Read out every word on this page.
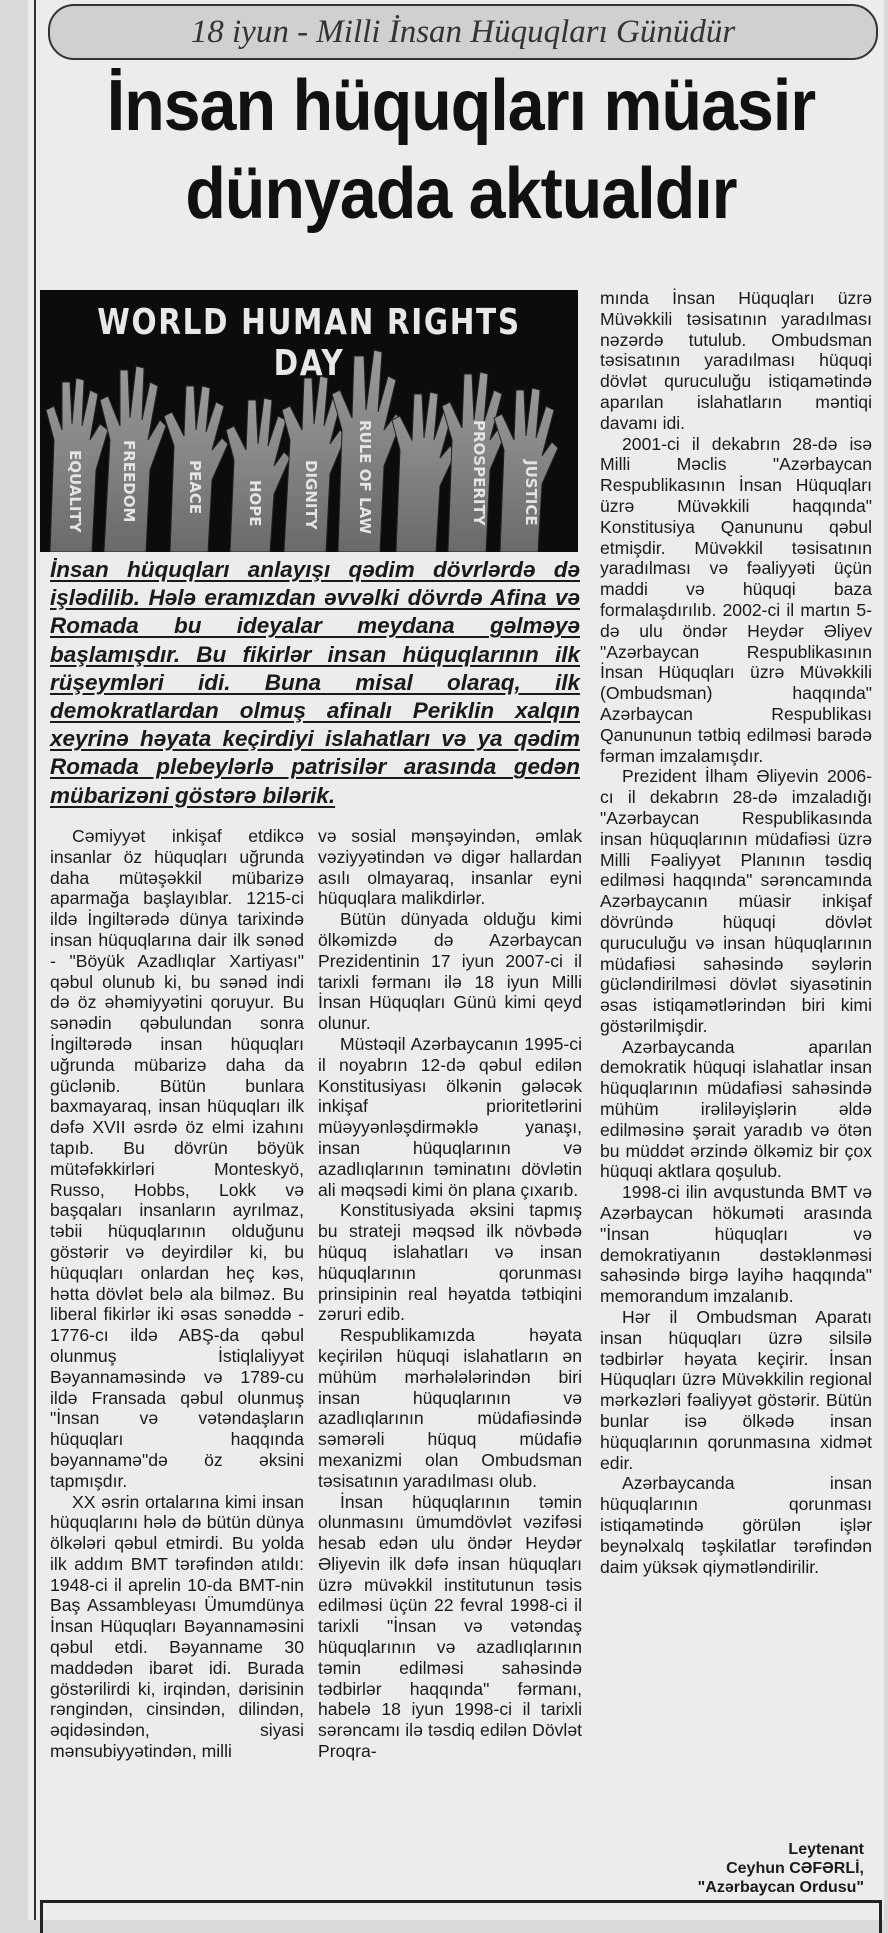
18 iyun - Milli İnsan Hüquqları Günüdür
İnsan hüquqları müasir
dünyada aktualdır
EQUALITY FREEDOM	PEACE	HOPE	DIGNITY RULE OF LAW	PROSPERITY JUSTICE
WORLD HUMAN RIGHTS DAY
İnsan hüquqları anlayışı qədim dövrlərdə də işlədilib. Hələ eramızdan əvvəlki dövrdə Afina və Romada bu ideyalar meydana gəlməyə başlamışdır. Bu fikirlər insan hüquqlarının ilk rüşeymləri idi. Buna misal olaraq, ilk demokratlardan olmuş afinalı Periklin xalqın xeyrinə həyata keçirdiyi islahatları və ya qədim Romada plebeylərlə patrisilər arasında gedən mübarizəni göstərə bilərik.

Cəmiyyət inkişaf etdikcə insanlar öz hüquqları uğrunda daha mütəşəkkil mübarizə aparmağa başlayıblar. 1215-ci ildə İngiltərədə dünya tarixində insan hüquqlarına dair ilk sənəd - "Böyük Azadlıqlar Xartiyası" qəbul olunub ki, bu sənəd indi də öz əhəmiyyətini qoruyur. Bu sənədin qəbulundan sonra İngiltərədə insan hüquqları uğrunda mübarizə daha da güclənib. Bütün bunlara baxmayaraq, insan hüquqları ilk dəfə XVII əsrdə öz elmi izahını tapıb. Bu dövrün böyük mütəfəkkirləri Monteskyö, Russo, Hobbs, Lokk və başqaları insanların ayrılmaz, təbii hüquqlarının olduğunu göstərir və deyirdilər ki, bu hüquqları onlardan heç kəs, hətta dövlət belə ala bilməz. Bu liberal fikirlər iki əsas sənəddə - 1776-cı ildə ABŞ-da qəbul olunmuş İstiqlaliyyət Bəyannaməsində və 1789-cu ildə Fransada qəbul olunmuş "İnsan və vətəndaşların hüquqları haqqında bəyannamə"də öz əksini tapmışdır.

XX əsrin ortalarına kimi insan hüquqlarını hələ də bütün dünya ölkələri qəbul etmirdi. Bu yolda ilk addım BMT tərəfindən atıldı: 1948-ci il aprelin 10-da BMT-nin Baş Assambleyası Ümumdünya İnsan Hüquqları Bəyannaməsini qəbul etdi. Bəyanname 30 maddədən ibarət idi. Burada göstərilirdi ki, irqindən, dərisinin rəngindən, cinsindən, dilindən, əqidəsindən, siyasi mənsubiyyətindən, milli

və sosial mənşəyindən, əmlak vəziyyətindən və digər hallardan asılı olmayaraq, insanlar eyni hüquqlara malikdirlər.

Bütün dünyada olduğu kimi ölkəmizdə də Azərbaycan Prezidentinin 17 iyun 2007-ci il tarixli fərmanı ilə 18 iyun Milli İnsan Hüquqları Günü kimi qeyd olunur.

Müstəqil Azərbaycanın 1995-ci il noyabrın 12-də qəbul edilən Konstitusiyası ölkənin gələcək inkişaf prioritetlərini müəyyənləşdirməklə yanaşı, insan hüquqlarının və azadlıqlarının təminatını dövlətin ali məqsədi kimi ön plana çıxarıb.

Konstitusiyada əksini tapmış bu strateji məqsəd ilk növbədə hüquq islahatları və insan hüquqlarının qorunması prinsipinin real həyatda tətbiqini zəruri edib.

Respublikamızda həyata keçirilən hüquqi islahatların ən mühüm mərhələlərindən biri insan hüquqlarının və azadlıqlarının müdafiəsində səmərəli hüquq müdafiə mexanizmi olan Ombudsman təsisatının yaradılması olub.

İnsan hüquqlarının təmin olunmasını ümumdövlət vəzifəsi hesab edən ulu öndər Heydər Əliyevin ilk dəfə insan hüquqları üzrə müvəkkil institutunun təsis edilməsi üçün 22 fevral 1998-ci il tarixli "İnsan və vətəndaş hüquqlarının və azadlıqlarının təmin edilməsi sahəsində tədbirlər haqqında" fərmanı, habelə 18 iyun 1998-ci il tarixli sərəncamı ilə təsdiq edilən Dövlət Proqra-

mında İnsan Hüquqları üzrə Müvəkkili təsisatının yaradılması nəzərdə tutulub. Ombudsman təsisatının yaradılması hüquqi dövlət quruculuğu istiqamətində aparılan islahatların məntiqi davamı idi.

2001-ci il dekabrın 28-də isə Milli Məclis "Azərbaycan Respublikasının İnsan Hüquqları üzrə Müvəkkili haqqında" Konstitusiya Qanununu qəbul etmişdir. Müvəkkil təsisatının yaradılması və fəaliyyəti üçün maddi və hüquqi baza formalaşdırılıb. 2002-ci il martın 5-də ulu öndər Heydər Əliyev "Azərbaycan Respublikasının İnsan Hüquqları üzrə Müvəkkili (Ombudsman) haqqında" Azərbaycan Respublikası Qanununun tətbiq edilməsi barədə fərman imzalamışdır.

Prezident İlham Əliyevin 2006-cı il dekabrın 28-də imzaladığı "Azərbaycan Respublikasında insan hüquqlarının müdafiəsi üzrə Milli Fəaliyyət Planının təsdiq edilməsi haqqında" sərəncamında Azərbaycanın müasir inkişaf dövründə hüquqi dövlət quruculuğu və insan hüquqlarının müdafiəsi sahəsində səylərin gücləndirilməsi dövlət siyasətinin əsas istiqamətlərindən biri kimi göstərilmişdir.

Azərbaycanda aparılan demokratik hüquqi islahatlar insan hüquqlarının müdafiəsi sahəsində mühüm irəliləyişlərin əldə edilməsinə şərait yaradıb və ötən bu müddət ərzində ölkəmiz bir çox hüquqi aktlara qoşulub.

1998-ci ilin avqustunda BMT və Azərbaycan hökuməti arasında "İnsan hüquqları və demokratiyanın dəstəklənməsi sahəsində birgə layihə haqqında" memorandum imzalanıb.

Hər il Ombudsman Aparatı insan hüquqları üzrə silsilə tədbirlər həyata keçirir. İnsan Hüquqları üzrə Müvəkkilin regional mərkəzləri fəaliyyət göstərir. Bütün bunlar isə ölkədə insan hüquqlarının qorunmasına xidmət edir.

Azərbaycanda insan hüquqlarının qorunması istiqamətində görülən işlər beynəlxalq təşkilatlar tərəfindən daim yüksək qiymətləndirilir.

Leytenant
Ceyhun CƏFƏRLİ,
"Azərbaycan Ordusu"
